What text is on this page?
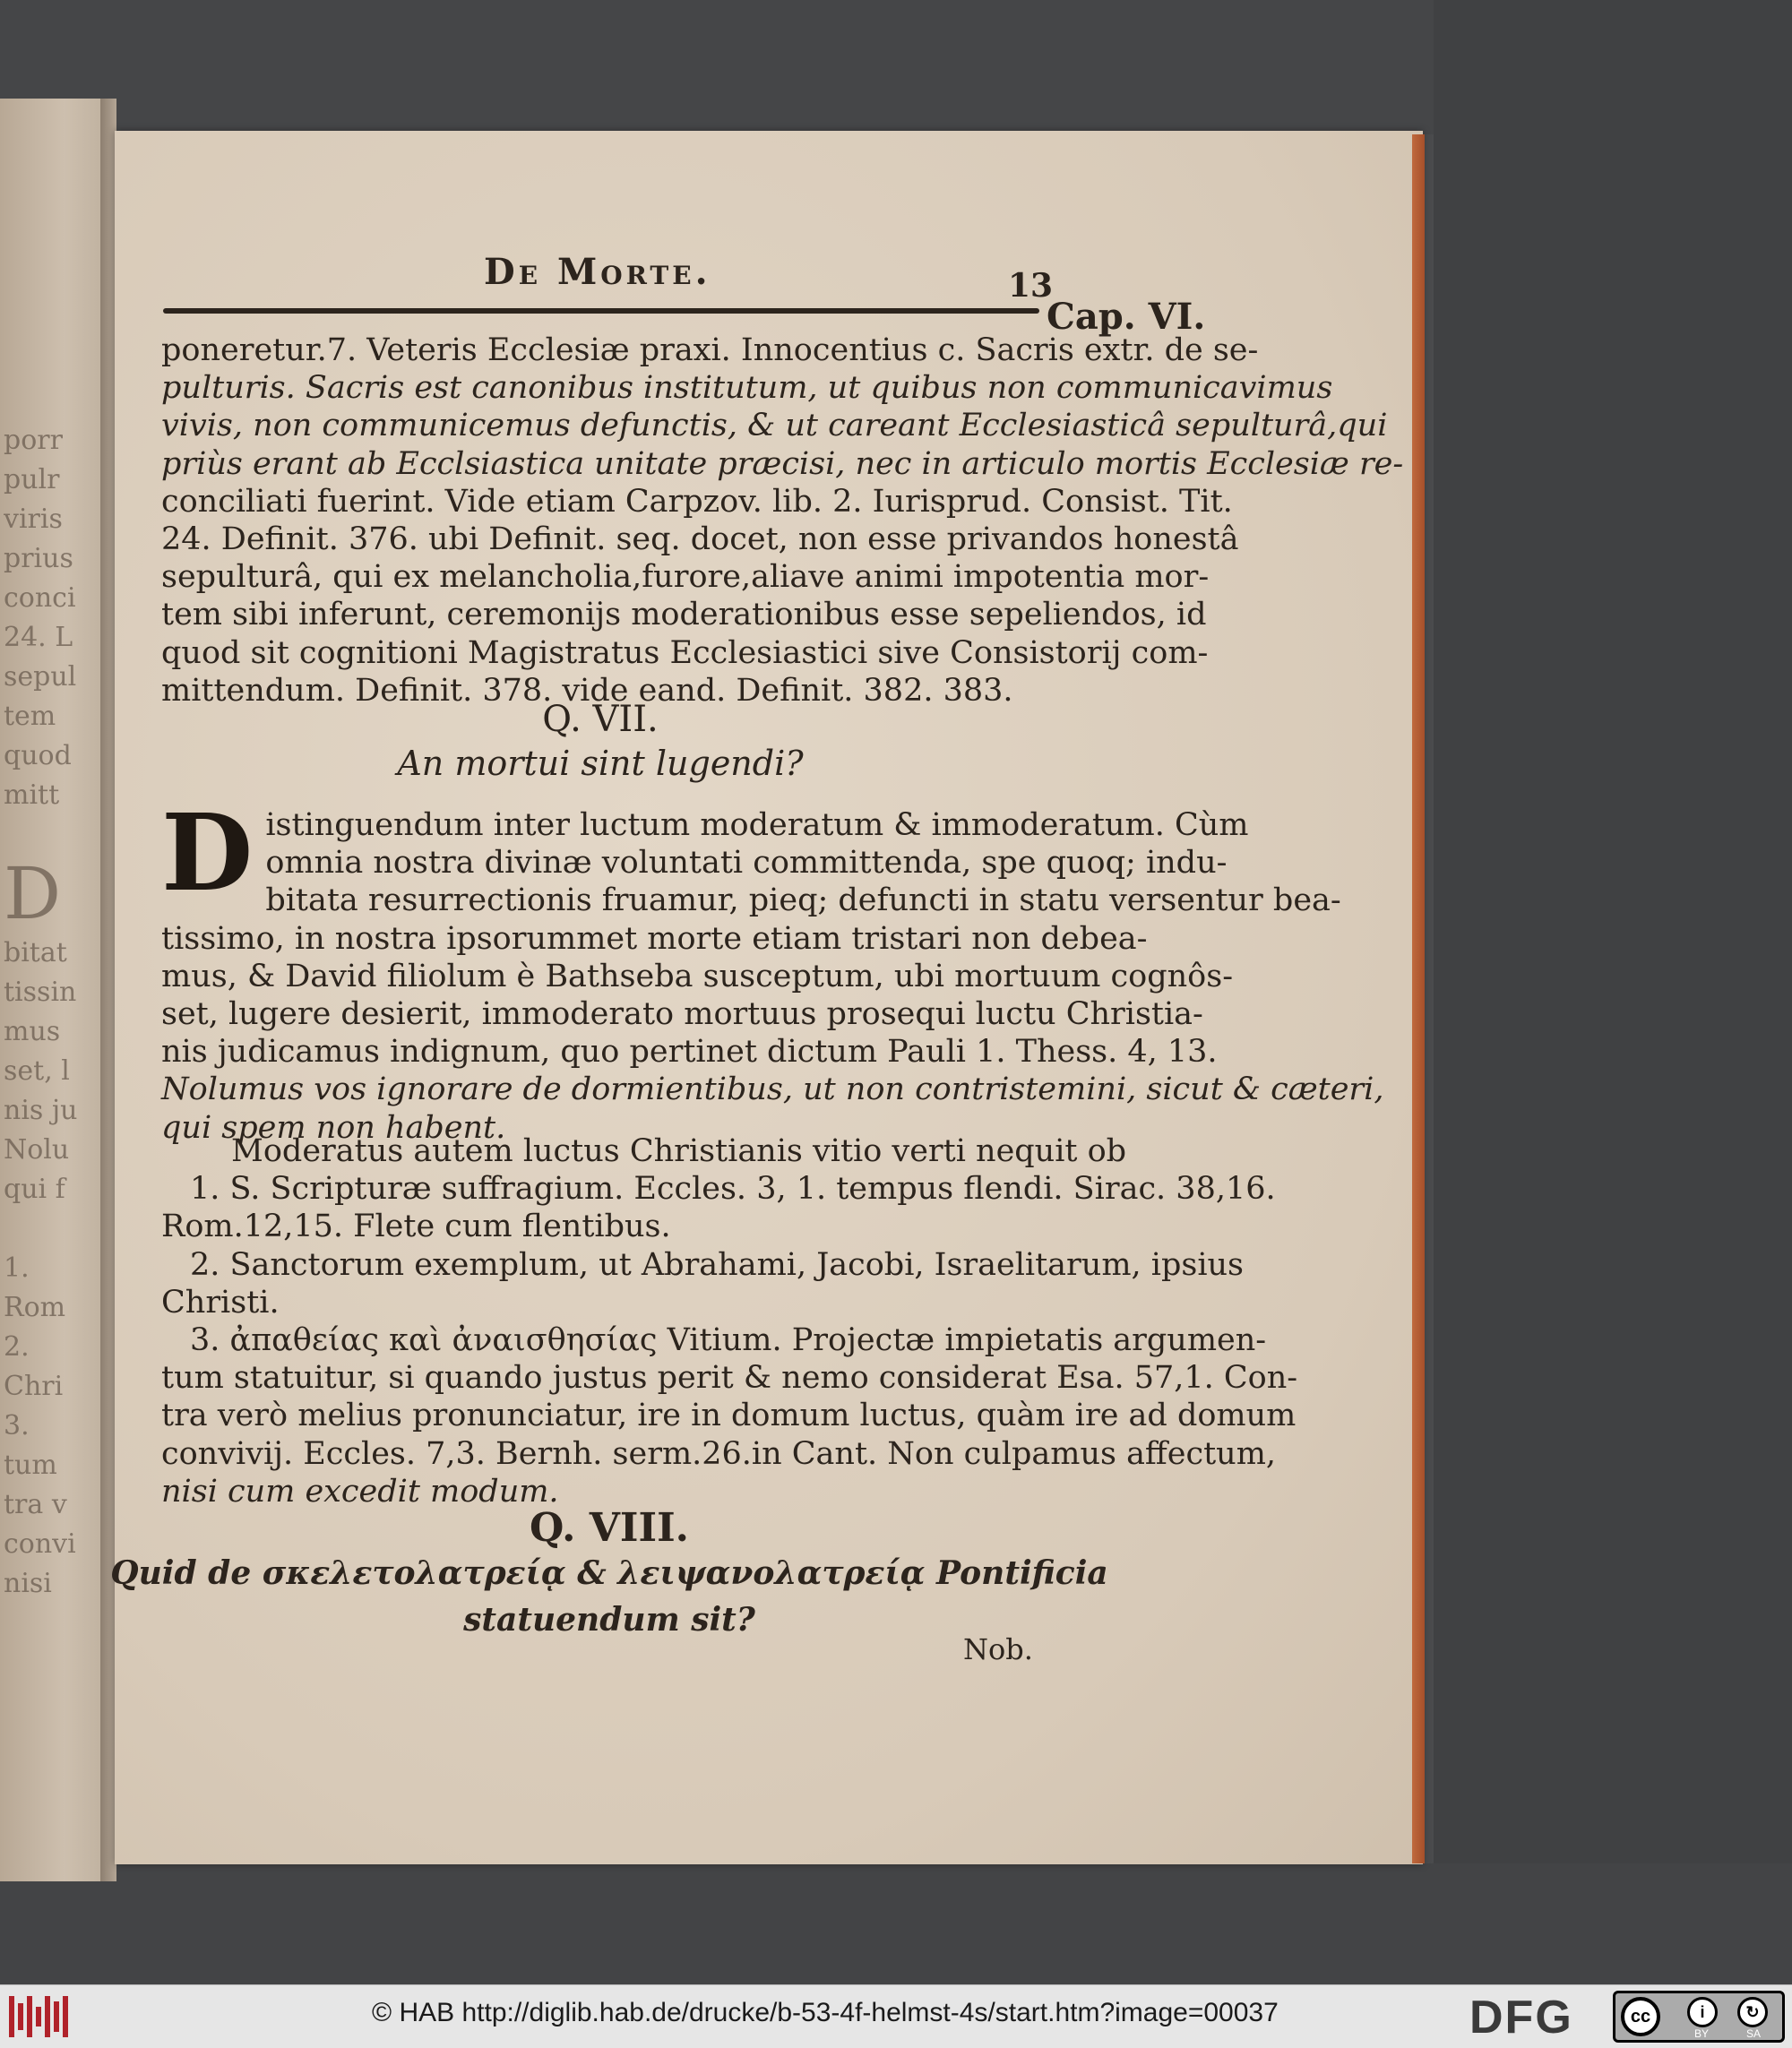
porr
pulr
viris
prius
conci
24. L
sepul
tem
quod
mitt

D
bitat
tissin
mus
set, l
nis ju
Nolu
qui f

1.
Rom
2.
Chri
3.
tum
tra v
convi
nisi
De Morte.	13
Cap. VI.
poneretur.7. Veteris Ecclesiæ praxi. Innocentius c. Sacris extr. de se-
pulturis. Sacris est canonibus institutum, ut quibus non communicavimus
vivis, non communicemus defunctis, & ut careant Ecclesiasticâ sepulturâ,qui
priùs erant ab Ecclsiastica unitate præcisi, nec in articulo mortis Ecclesiæ re-
conciliati fuerint. Vide etiam Carpzov. lib. 2. Iurisprud. Consist. Tit.
24. Definit. 376. ubi Definit. seq. docet, non esse privandos honestâ
sepulturâ, qui ex melancholia,furore,aliave animi impotentia mor-
tem sibi inferunt, ceremonijs moderationibus esse sepeliendos, id
quod sit cognitioni Magistratus Ecclesiastici sive Consistorij com-
mittendum. Definit. 378. vide eand. Definit. 382. 383.
Q. VII.
An mortui sint lugendi?
D istinguendum inter luctum moderatum & immoderatum. Cùm
omnia nostra divinæ voluntati committenda, spe quoq; indu-
bitata resurrectionis fruamur, pieq; defuncti in statu versentur bea-
tissimo, in nostra ipsorummet morte etiam tristari non debea-
mus, & David filiolum è Bathseba susceptum, ubi mortuum cognôs-
set, lugere desierit, immoderato mortuus prosequi luctu Christia-
nis judicamus indignum, quo pertinet dictum Pauli 1. Thess. 4, 13.
Nolumus vos ignorare de dormientibus, ut non contristemini, sicut & cæteri,
qui spem non habent.
Moderatus autem luctus Christianis vitio verti nequit ob
1. S. Scripturæ suffragium. Eccles. 3, 1. tempus flendi. Sirac. 38,16.
Rom.12,15. Flete cum flentibus.
2. Sanctorum exemplum, ut Abrahami, Jacobi, Israelitarum, ipsius
Christi.
3. ἀπαθείας καὶ ἀναισθησίας Vitium. Projectæ impietatis argumen-
tum statuitur, si quando justus perit & nemo considerat Esa. 57,1. Con-
tra verò melius pronunciatur, ire in domum luctus, quàm ire ad domum
convivij. Eccles. 7,3. Bernh. serm.26.in Cant. Non culpamus affectum,
nisi cum excedit modum.
Q. VIII.
Quid de σκελετολατρείᾳ & λειψανολατρείᾳ Pontificia
statuendum sit?
Nob.
© HAB http://diglib.hab.de/drucke/b-53-4f-helmst-4s/start.htm?image=00037	DFG	cc	i	↻
BY	SA
